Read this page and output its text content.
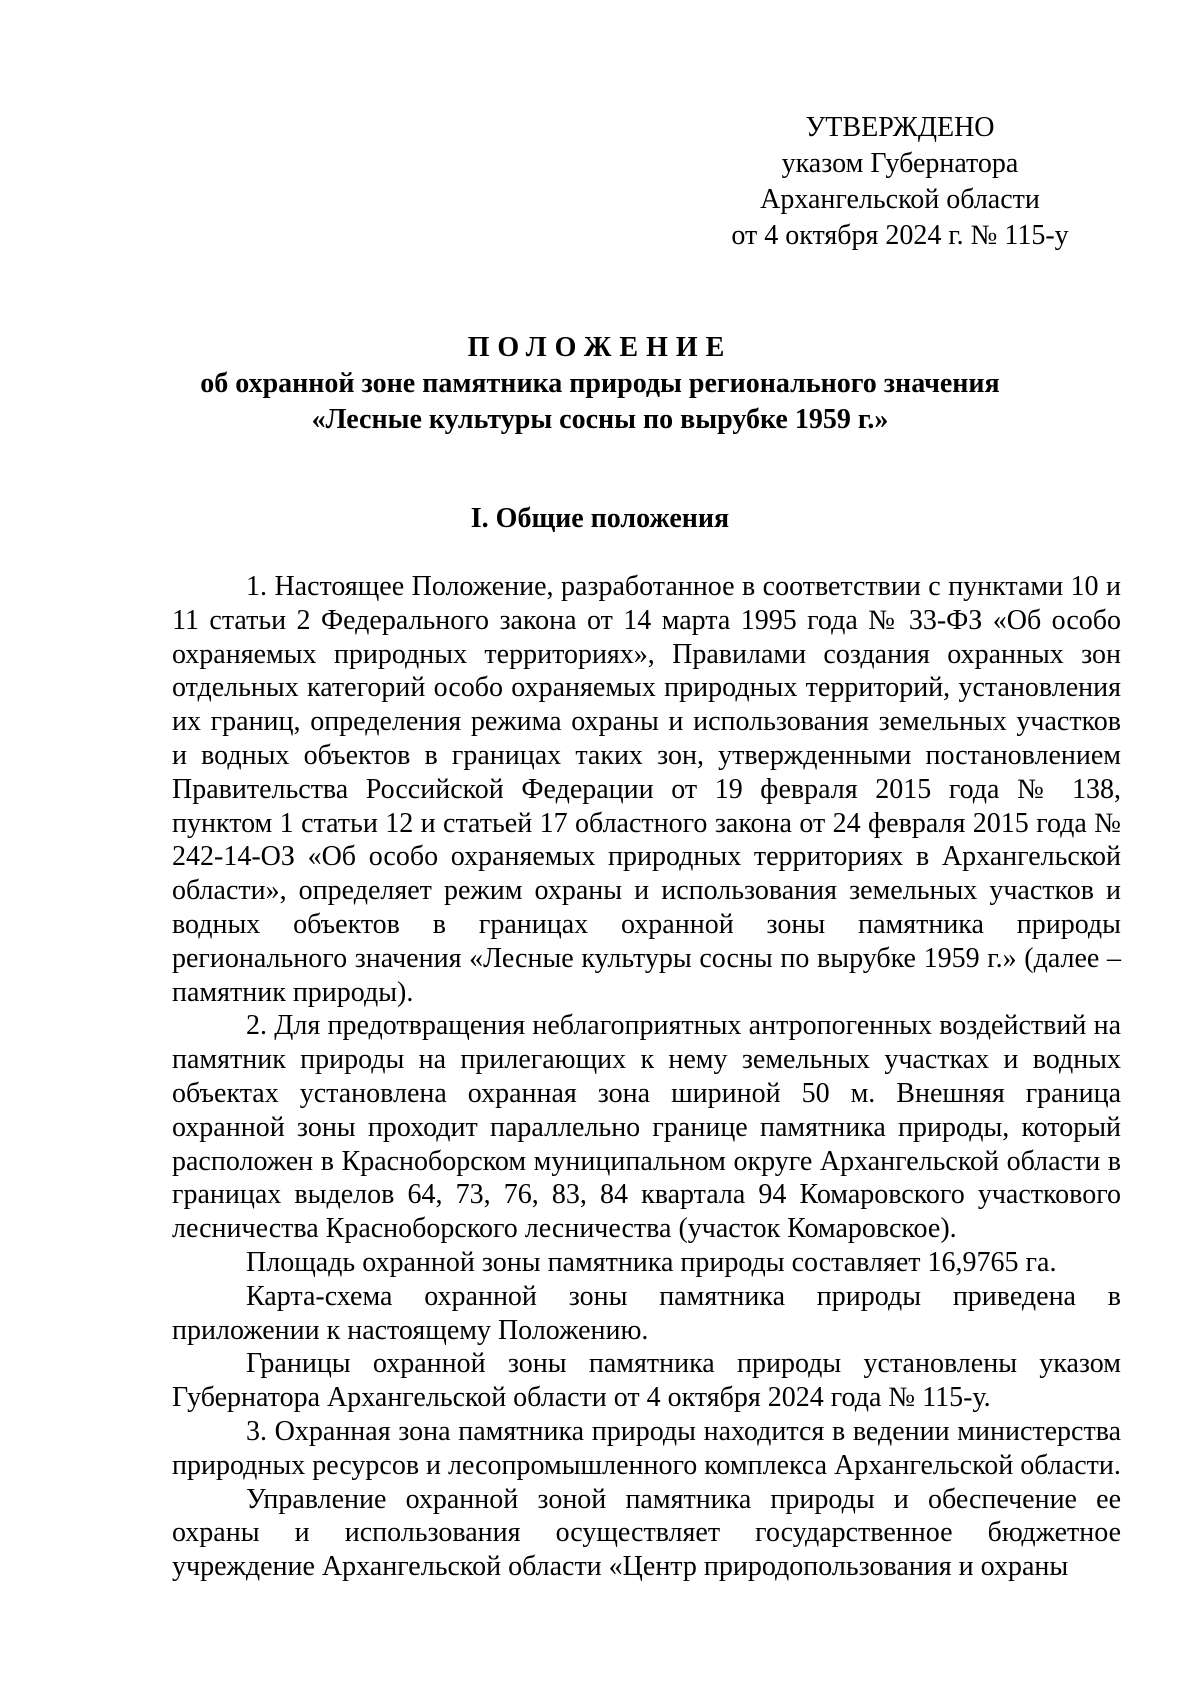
УТВЕРЖДЕНО
указом Губернатора
Архангельской области
от 4 октября 2024 г. № 115-у
ПОЛОЖЕНИЕ
об охранной зоне памятника природы регионального значения
«Лесные культуры сосны по вырубке 1959 г.»
I. Общие положения

1. Настоящее Положение, разработанное в соответствии с пунктами 10 и 11 статьи 2 Федерального закона от 14 марта 1995 года № 33-ФЗ «Об особо охраняемых природных территориях», Правилами создания охранных зон отдельных категорий особо охраняемых природных территорий, установления их границ, определения режима охраны и использования земельных участков и водных объектов в границах таких зон, утвержденными постановлением Правительства Российской Федерации от 19 февраля 2015 года № 138, пунктом 1 статьи 12 и статьей 17 областного закона от 24 февраля 2015 года № 242-14-ОЗ «Об особо охраняемых природных территориях в Архангельской области», определяет режим охраны и использования земельных участков и водных объектов в границах охранной зоны памятника природы регионального значения «Лесные культуры сосны по вырубке 1959 г.» (далее – памятник природы).

2. Для предотвращения неблагоприятных антропогенных воздействий на памятник природы на прилегающих к нему земельных участках и водных объектах установлена охранная зона шириной 50 м. Внешняя граница охранной зоны проходит параллельно границе памятника природы, который расположен в Красноборском муниципальном округе Архангельской области в границах выделов 64, 73, 76, 83, 84 квартала 94 Комаровского участкового лесничества Красноборского лесничества (участок Комаровское).

Площадь охранной зоны памятника природы составляет 16,9765 га.

Карта-схема охранной зоны памятника природы приведена в приложении к настоящему Положению.

Границы охранной зоны памятника природы установлены указом Губернатора Архангельской области от 4 октября 2024 года № 115-у.

3. Охранная зона памятника природы находится в ведении министерства природных ресурсов и лесопромышленного комплекса Архангельской области.

Управление охранной зоной памятника природы и обеспечение ее охраны и использования осуществляет государственное бюджетное учреждение Архангельской области «Центр природопользования и охраны
